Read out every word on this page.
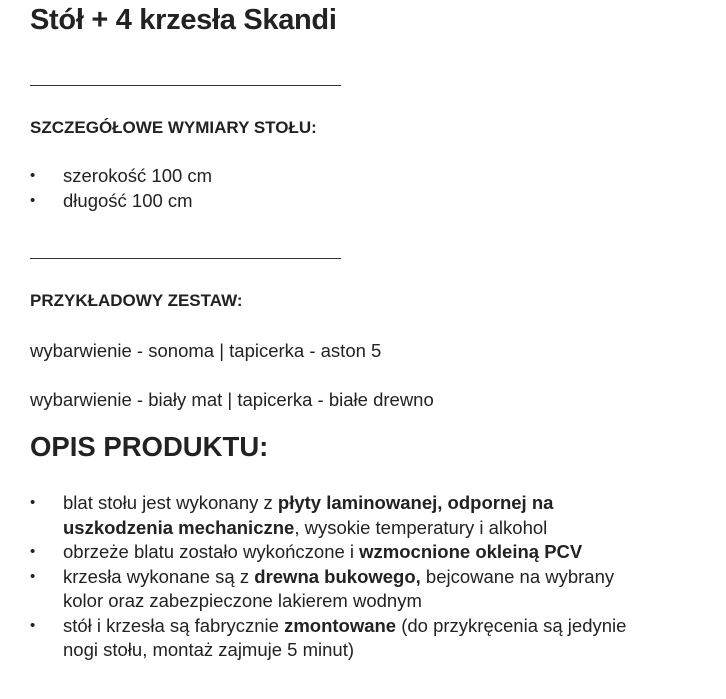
Stół + 4 krzesła Skandi
SZCZEGÓŁOWE WYMIARY STOŁU:
• szerokość 100 cm
• długość 100 cm
PRZYKŁADOWY ZESTAW:

wybarwienie - sonoma | tapicerka - aston 5

wybarwienie - biały mat | tapicerka - białe drewno

OPIS PRODUKTU:
• blat stołu jest wykonany z płyty laminowanej, odpornej na
uszkodzenia mechaniczne, wysokie temperatury i alkohol
• obrzeże blatu zostało wykończone i wzmocnione okleiną PCV
• krzesła wykonane są z drewna bukowego, bejcowane na wybrany
kolor oraz zabezpieczone lakierem wodnym
• stół i krzesła są fabrycznie zmontowane (do przykręcenia są jedynie
nogi stołu, montaż zajmuje 5 minut)
